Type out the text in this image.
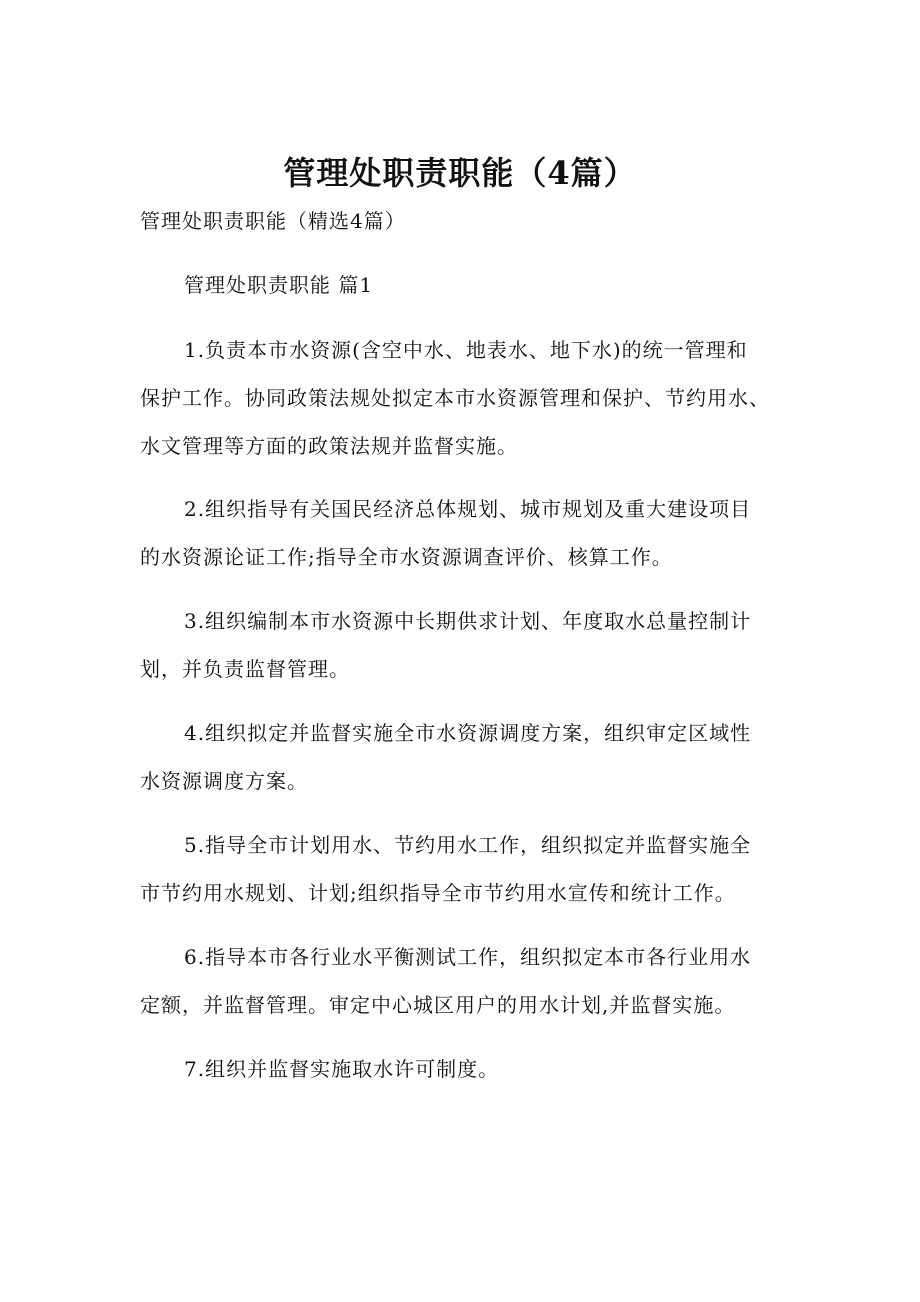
管理处职责职能（4篇）

管理处职责职能（精选4篇）

管理处职责职能 篇1

1.负责本市水资源(含空中水、地表水、地下水)的统一管理和
保护工作。协同政策法规处拟定本市水资源管理和保护、节约用水、
水文管理等方面的政策法规并监督实施。

2.组织指导有关国民经济总体规划、城市规划及重大建设项目
的水资源论证工作;指导全市水资源调查评价、核算工作。

3.组织编制本市水资源中长期供求计划、年度取水总量控制计
划，并负责监督管理。

4.组织拟定并监督实施全市水资源调度方案，组织审定区域性
水资源调度方案。

5.指导全市计划用水、节约用水工作，组织拟定并监督实施全
市节约用水规划、计划;组织指导全市节约用水宣传和统计工作。

6.指导本市各行业水平衡测试工作，组织拟定本市各行业用水
定额，并监督管理。审定中心城区用户的用水计划,并监督实施。

7.组织并监督实施取水许可制度。
